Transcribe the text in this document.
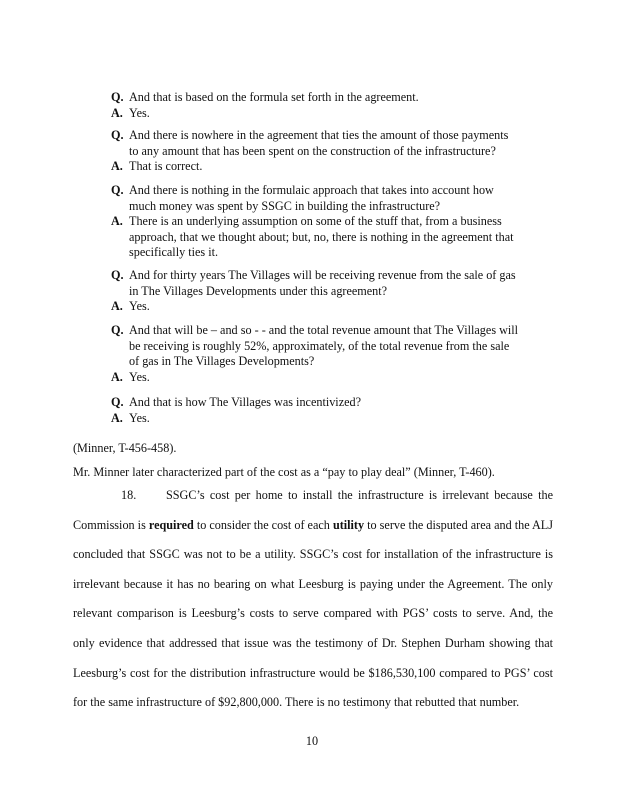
Q. And that is based on the formula set forth in the agreement.
A. Yes.
Q. And there is nowhere in the agreement that ties the amount of those payments
to any amount that has been spent on the construction of the infrastructure?
A. That is correct.
Q. And there is nothing in the formulaic approach that takes into account how
much money was spent by SSGC in building the infrastructure?
A. There is an underlying assumption on some of the stuff that, from a business
approach, that we thought about; but, no, there is nothing in the agreement that
specifically ties it.
Q. And for thirty years The Villages will be receiving revenue from the sale of gas
in The Villages Developments under this agreement?
A. Yes.
Q. And that will be – and so - - and the total revenue amount that The Villages will
be receiving is roughly 52%, approximately, of the total revenue from the sale
of gas in The Villages Developments?
A. Yes.
Q. And that is how The Villages was incentivized?
A. Yes.
(Minner, T-456-458).
Mr. Minner later characterized part of the cost as a “pay to play deal” (Minner, T-460).
18. SSGC’s cost per home to install the infrastructure is irrelevant because the Commission is required to consider the cost of each utility to serve the disputed area and the ALJ concluded that SSGC was not to be a utility. SSGC’s cost for installation of the infrastructure is irrelevant because it has no bearing on what Leesburg is paying under the Agreement. The only relevant comparison is Leesburg’s costs to serve compared with PGS’ costs to serve. And, the only evidence that addressed that issue was the testimony of Dr. Stephen Durham showing that Leesburg’s cost for the distribution infrastructure would be $186,530,100 compared to PGS’ cost for the same infrastructure of $92,800,000. There is no testimony that rebutted that number.
10
